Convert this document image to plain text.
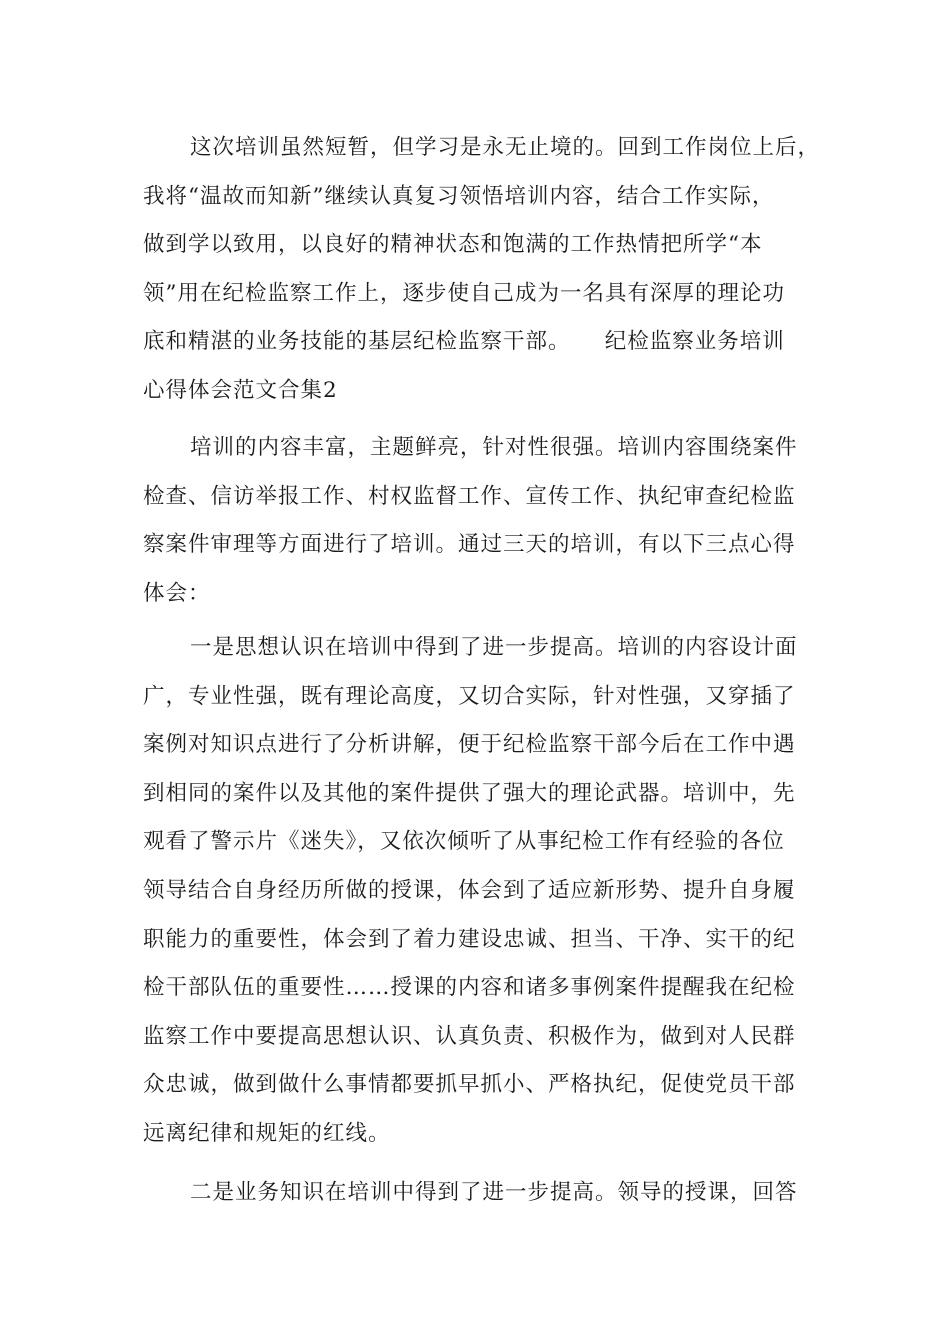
这次培训虽然短暂，但学习是永无止境的。回到工作岗位上后，
我将“温故而知新”继续认真复习领悟培训内容，结合工作实际，
做到学以致用，以良好的精神状态和饱满的工作热情把所学“本
领”用在纪检监察工作上，逐步使自己成为一名具有深厚的理论功
底和精湛的业务技能的基层纪检监察干部。　　纪检监察业务培训
心得体会范文合集2
培训的内容丰富，主题鲜亮，针对性很强。培训内容围绕案件
检查、信访举报工作、村权监督工作、宣传工作、执纪审查纪检监
察案件审理等方面进行了培训。通过三天的培训，有以下三点心得
体会：
一是思想认识在培训中得到了进一步提高。培训的内容设计面
广，专业性强，既有理论高度，又切合实际，针对性强，又穿插了
案例对知识点进行了分析讲解，便于纪检监察干部今后在工作中遇
到相同的案件以及其他的案件提供了强大的理论武器。培训中，先
观看了警示片《迷失》，又依次倾听了从事纪检工作有经验的各位
领导结合自身经历所做的授课，体会到了适应新形势、提升自身履
职能力的重要性，体会到了着力建设忠诚、担当、干净、实干的纪
检干部队伍的重要性……授课的内容和诸多事例案件提醒我在纪检
监察工作中要提高思想认识、认真负责、积极作为，做到对人民群
众忠诚，做到做什么事情都要抓早抓小、严格执纪，促使党员干部
远离纪律和规矩的红线。
二是业务知识在培训中得到了进一步提高。领导的授课，回答
